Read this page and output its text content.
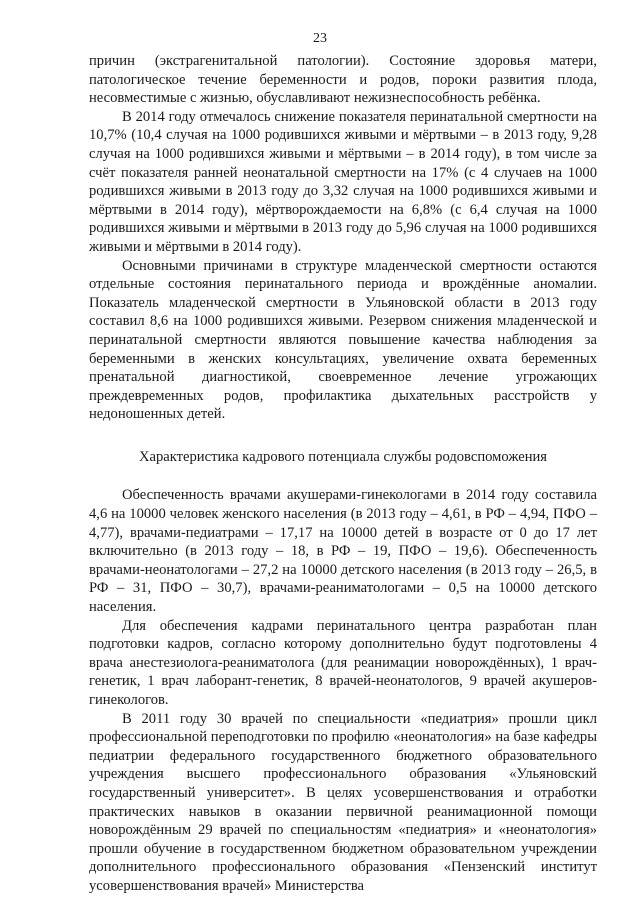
23

причин (экстрагенитальной патологии). Состояние здоровья матери, патологическое течение беременности и родов, пороки развития плода, несовместимые с жизнью, обуславливают нежизнеспособность ребёнка.

В 2014 году отмечалось снижение показателя перинатальной смертности на 10,7% (10,4 случая на 1000 родившихся живыми и мёртвыми – в 2013 году, 9,28 случая на 1000 родившихся живыми и мёртвыми – в 2014 году), в том числе за счёт показателя ранней неонатальной смертности на 17% (с 4 случаев на 1000 родившихся живыми в 2013 году до 3,32 случая на 1000 родившихся живыми и мёртвыми в 2014 году), мёртворождаемости на 6,8% (с 6,4 случая на 1000 родившихся живыми и мёртвыми в 2013 году до 5,96 случая на 1000 родившихся живыми и мёртвыми в 2014 году).

Основными причинами в структуре младенческой смертности остаются отдельные состояния перинатального периода и врождённые аномалии. Показатель младенческой смертности в Ульяновской области в 2013 году составил 8,6 на 1000 родившихся живыми. Резервом снижения младенческой и перинатальной смертности являются повышение качества наблюдения за беременными в женских консультациях, увеличение охвата беременных пренатальной диагностикой, своевременное лечение угрожающих преждевременных родов, профилактика дыхательных расстройств у недоношенных детей.

Характеристика кадрового потенциала службы родовспоможения

Обеспеченность врачами акушерами-гинекологами в 2014 году составила 4,6 на 10000 человек женского населения (в 2013 году – 4,61, в РФ – 4,94, ПФО – 4,77), врачами-педиатрами – 17,17 на 10000 детей в возрасте от 0 до 17 лет включительно (в 2013 году – 18, в РФ – 19, ПФО – 19,6). Обеспеченность врачами-неонатологами – 27,2 на 10000 детского населения (в 2013 году – 26,5, в РФ – 31, ПФО – 30,7), врачами-реаниматологами – 0,5 на 10000 детского населения.

Для обеспечения кадрами перинатального центра разработан план подготовки кадров, согласно которому дополнительно будут подготовлены 4 врача анестезиолога-реаниматолога (для реанимации новорождённых), 1 врач-генетик, 1 врач лаборант-генетик, 8 врачей-неонатологов, 9 врачей акушеров-гинекологов.

В 2011 году 30 врачей по специальности «педиатрия» прошли цикл профессиональной переподготовки по профилю «неонатология» на базе кафедры педиатрии федерального государственного бюджетного образовательного учреждения высшего профессионального образования «Ульяновский государственный университет». В целях усовершенствования и отработки практических навыков в оказании первичной реанимационной помощи новорождённым 29 врачей по специальностям «педиатрия» и «неонатология» прошли обучение в государственном бюджетном образовательном учреждении дополнительного профессионального образования «Пензенский институт усовершенствования врачей» Министерства
